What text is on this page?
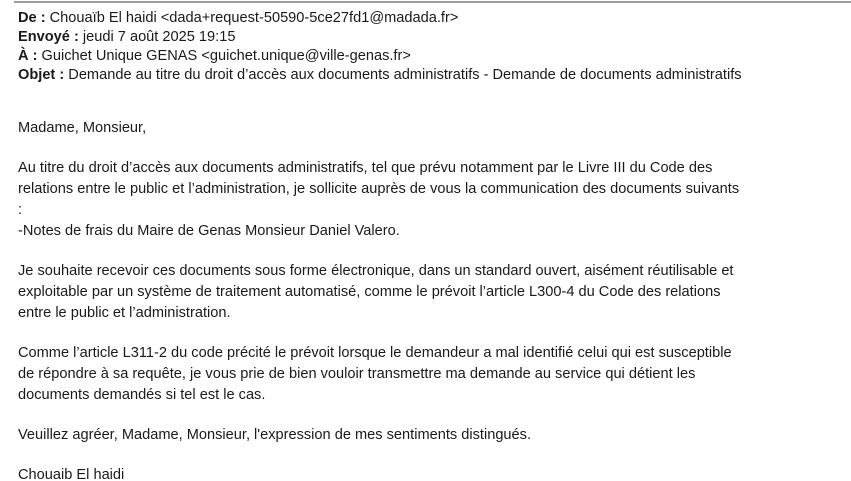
De : Chouaïb El haidi <dada+request-50590-5ce27fd1@madada.fr>
Envoyé : jeudi 7 août 2025 19:15
À : Guichet Unique GENAS <guichet.unique@ville-genas.fr>
Objet : Demande au titre du droit d’accès aux documents administratifs - Demande de documents administratifs
Madame, Monsieur,
Au titre du droit d’accès aux documents administratifs, tel que prévu notamment par le Livre III du Code des
relations entre le public et l’administration, je sollicite auprès de vous la communication des documents suivants
:
-Notes de frais du Maire de Genas Monsieur Daniel Valero.
Je souhaite recevoir ces documents sous forme électronique, dans un standard ouvert, aisément réutilisable et
exploitable par un système de traitement automatisé, comme le prévoit l’article L300-4 du Code des relations
entre le public et l’administration.
Comme l’article L311-2 du code précité le prévoit lorsque le demandeur a mal identifié celui qui est susceptible
de répondre à sa requête, je vous prie de bien vouloir transmettre ma demande au service qui détient les
documents demandés si tel est le cas.
Veuillez agréer, Madame, Monsieur, l'expression de mes sentiments distingués.
Chouaib El haidi
